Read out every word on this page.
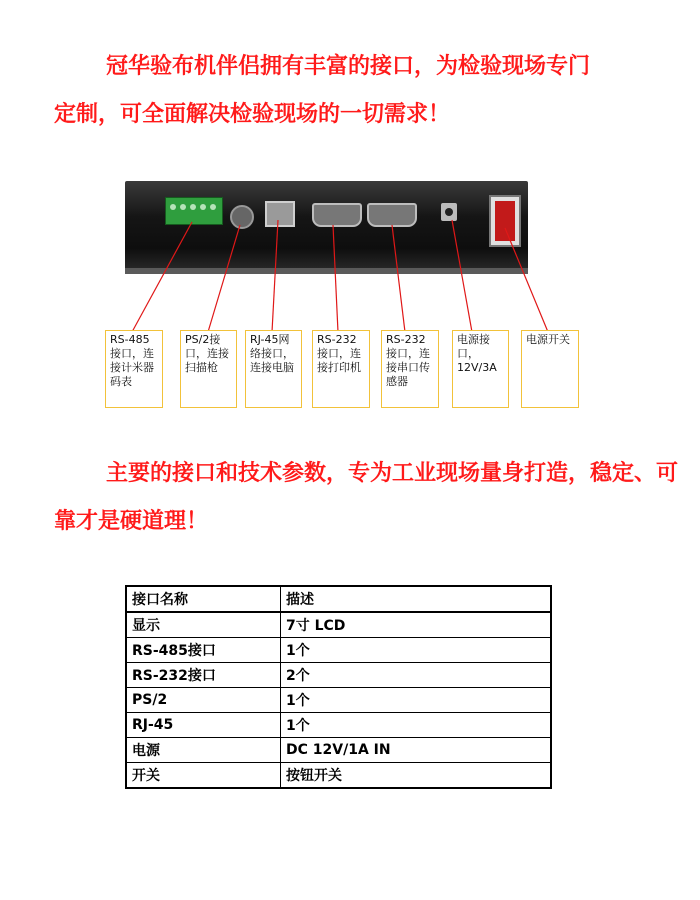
冠华验布机伴侣拥有丰富的接口，为检验现场专门

定制，可全面解决检验现场的一切需求！

RS-485接口，连接计米器码表
PS/2接口，连接扫描枪
RJ-45网络接口，连接电脑
RS-232接口，连接打印机
RS-232接口，连接串口传感器
电源接口，12V/3A
电源开关

主要的接口和技术参数，专为工业现场量身打造，稳定、可

靠才是硬道理！

接口名称	描述
显示	7寸 LCD
RS-485接口	1个
RS-232接口	2个
PS/2	1个
RJ-45	1个
电源	DC 12V/1A IN
开关	按钮开关
